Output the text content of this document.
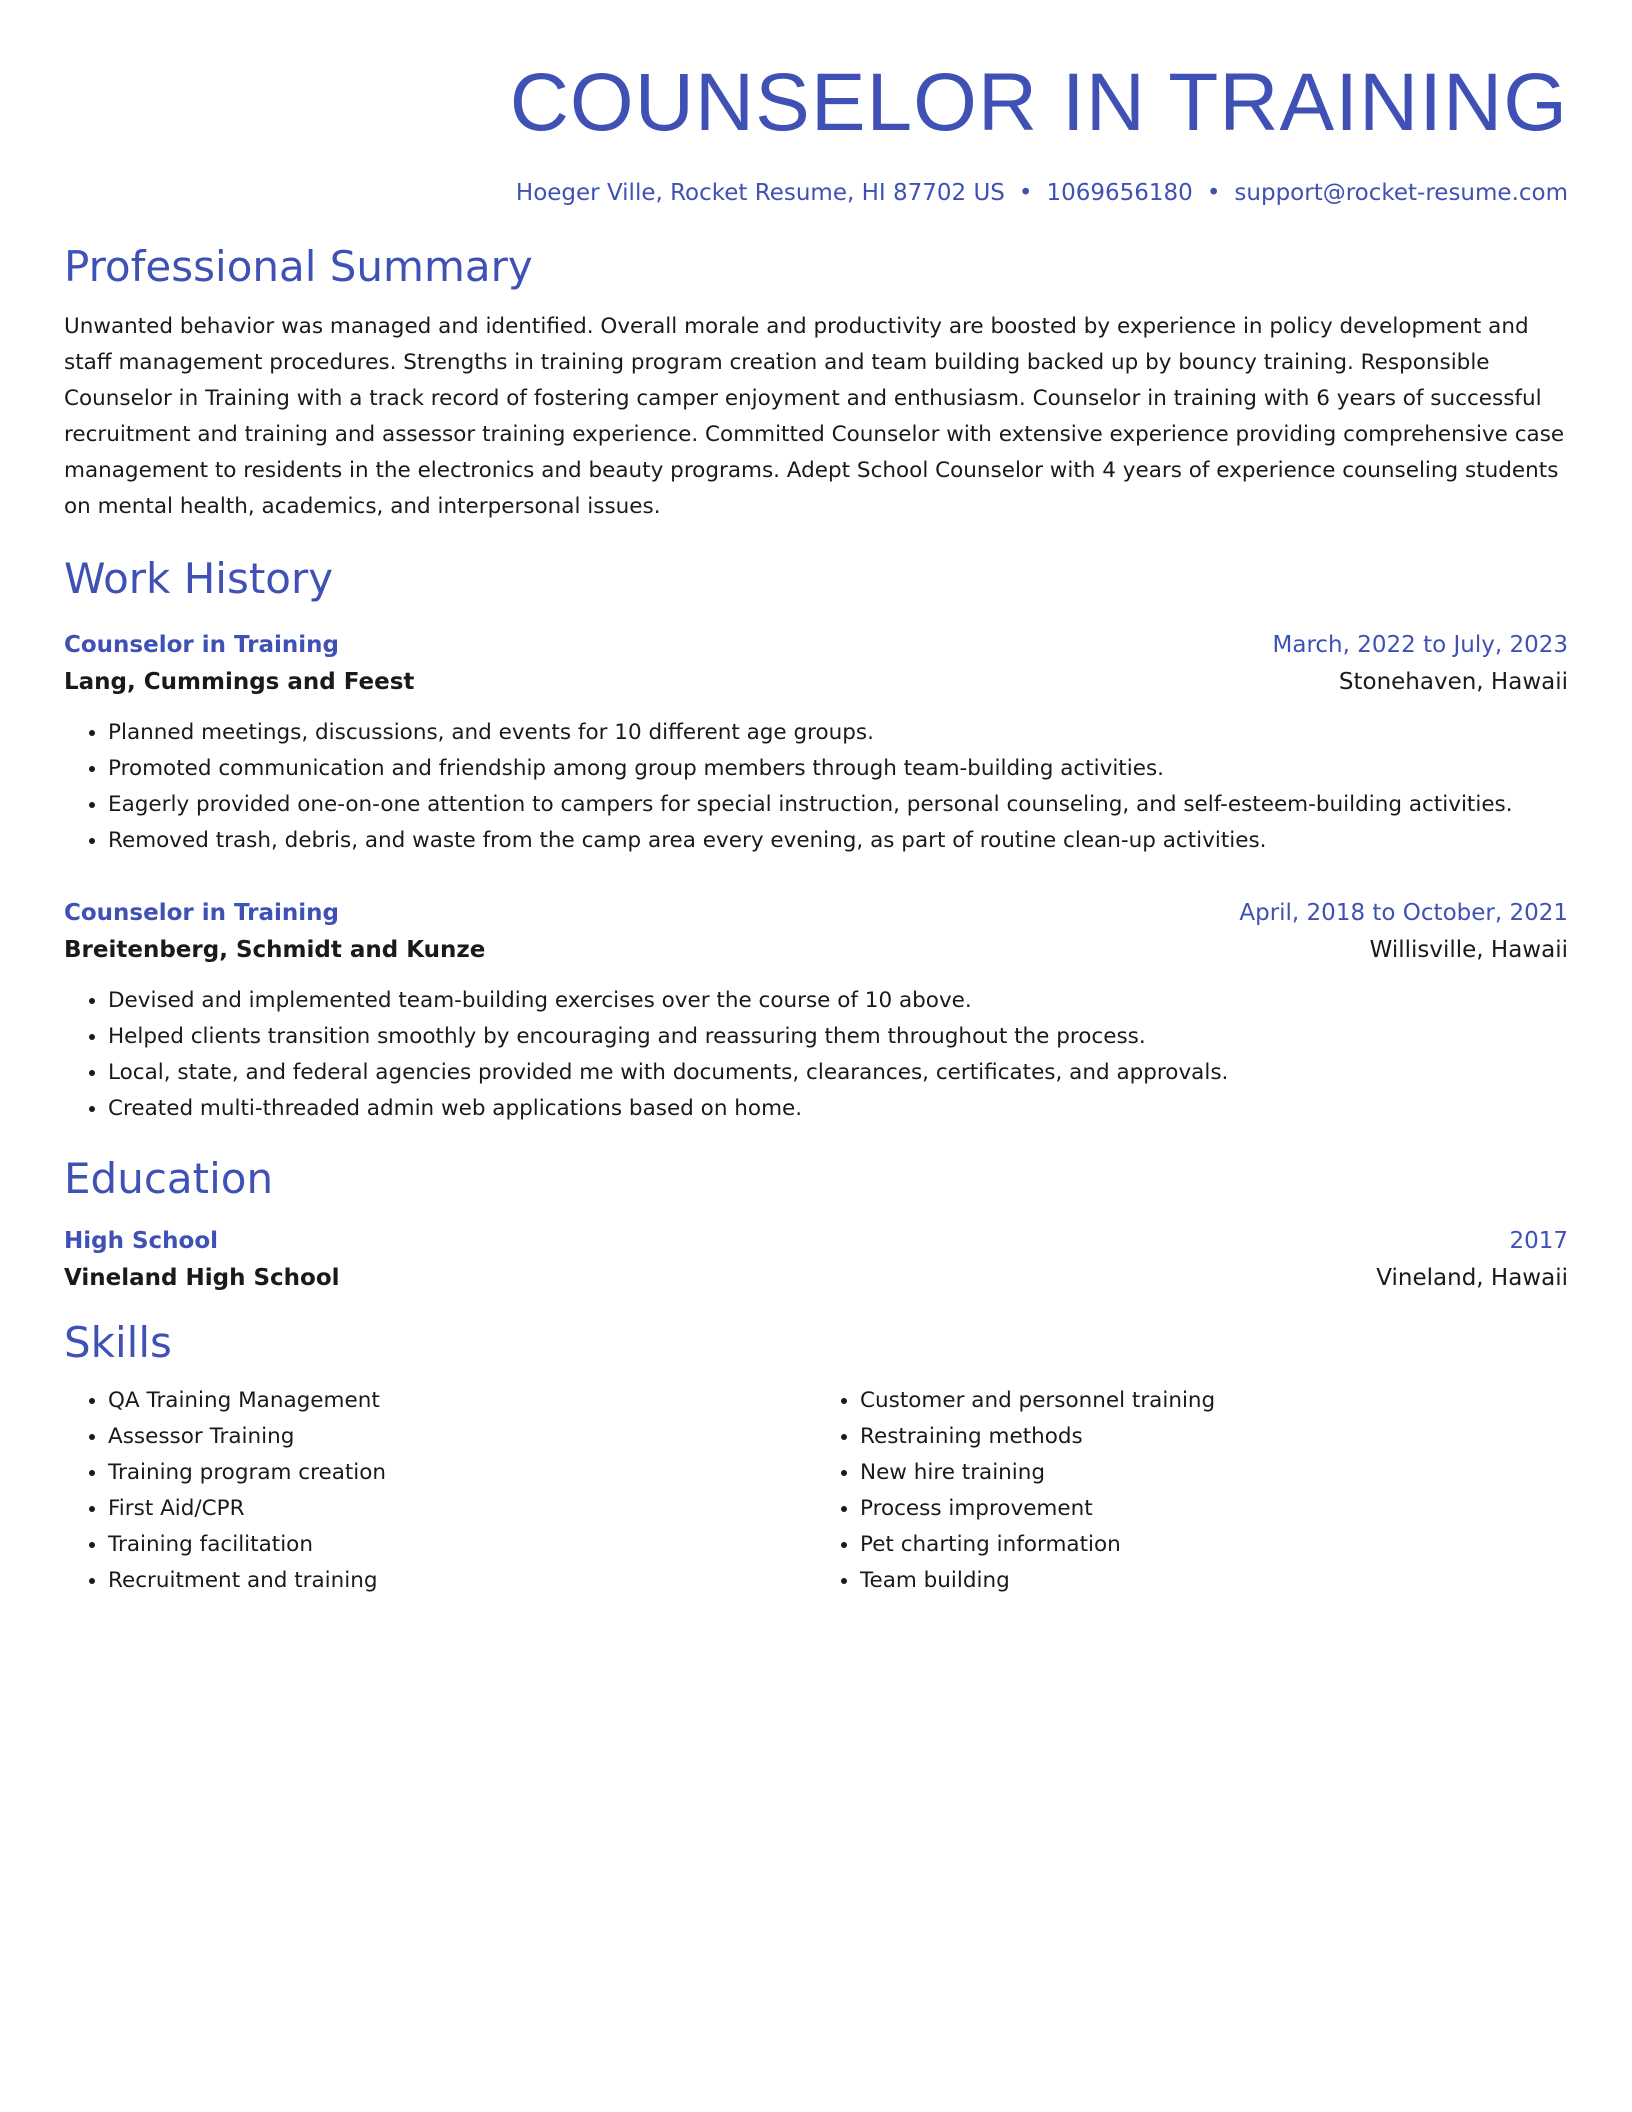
COUNSELOR IN TRAINING
Hoeger Ville, Rocket Resume, HI 87702 US • 1069656180 • support@rocket-resume.com
Professional Summary
Unwanted behavior was managed and identified. Overall morale and productivity are boosted by experience in policy development and staff management procedures. Strengths in training program creation and team building backed up by bouncy training. Responsible Counselor in Training with a track record of fostering camper enjoyment and enthusiasm. Counselor in training with 6 years of successful recruitment and training and assessor training experience. Committed Counselor with extensive experience providing comprehensive case management to residents in the electronics and beauty programs. Adept School Counselor with 4 years of experience counseling students on mental health, academics, and interpersonal issues.
Work History
Counselor in Training	March, 2022 to July, 2023
Lang, Cummings and Feest	Stonehaven, Hawaii
• Planned meetings, discussions, and events for 10 different age groups.
• Promoted communication and friendship among group members through team-building activities.
• Eagerly provided one-on-one attention to campers for special instruction, personal counseling, and self-esteem-building activities.
• Removed trash, debris, and waste from the camp area every evening, as part of routine clean-up activities.
Counselor in Training	April, 2018 to October, 2021
Breitenberg, Schmidt and Kunze	Willisville, Hawaii
• Devised and implemented team-building exercises over the course of 10 above.
• Helped clients transition smoothly by encouraging and reassuring them throughout the process.
• Local, state, and federal agencies provided me with documents, clearances, certificates, and approvals.
• Created multi-threaded admin web applications based on home.
Education
High School	2017
Vineland High School	Vineland, Hawaii
Skills
• QA Training Management
• Assessor Training
• Training program creation
• First Aid/CPR
• Training facilitation
• Recruitment and training
• Customer and personnel training
• Restraining methods
• New hire training
• Process improvement
• Pet charting information
• Team building
